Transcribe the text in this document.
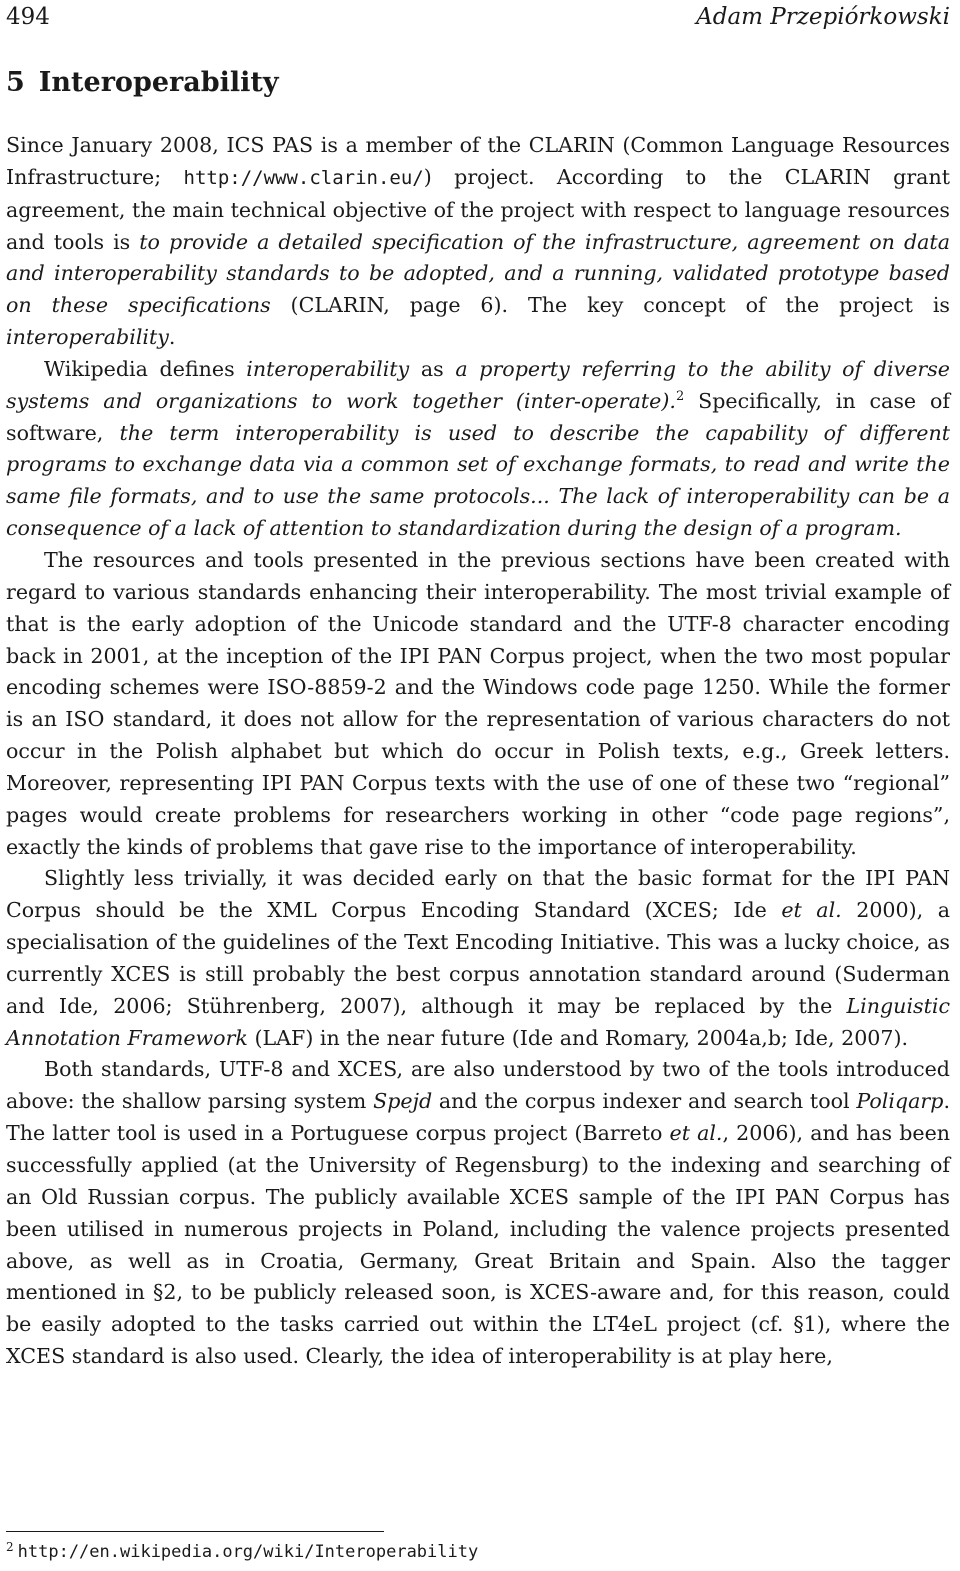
494	Adam Przepiórkowski
5 Interoperability

Since January 2008, ICS PAS is a member of the CLARIN (Common Language Resources Infrastructure; http://www.clarin.eu/) project. According to the CLARIN grant agreement, the main technical objective of the project with respect to language resources and tools is to provide a detailed specification of the infrastructure, agreement on data and interoperability standards to be adopted, and a running, validated prototype based on these specifications (CLARIN, page 6). The key concept of the project is interoperability.

Wikipedia defines interoperability as a property referring to the ability of diverse systems and organizations to work together (inter-operate).$^2$ Specifically, in case of software, the term interoperability is used to describe the capability of different programs to exchange data via a common set of exchange formats, to read and write the same file formats, and to use the same protocols... The lack of interoperability can be a consequence of a lack of attention to standardization during the design of a program.

The resources and tools presented in the previous sections have been created with regard to various standards enhancing their interoperability. The most trivial example of that is the early adoption of the Unicode standard and the UTF-8 character encoding back in 2001, at the inception of the IPI PAN Corpus project, when the two most popular encoding schemes were ISO-8859-2 and the Windows code page 1250. While the former is an ISO standard, it does not allow for the representation of various characters do not occur in the Polish alphabet but which do occur in Polish texts, e.g., Greek letters. Moreover, representing IPI PAN Corpus texts with the use of one of these two “regional” pages would create problems for researchers working in other “code page regions”, exactly the kinds of problems that gave rise to the importance of interoperability.

Slightly less trivially, it was decided early on that the basic format for the IPI PAN Corpus should be the XML Corpus Encoding Standard (XCES; Ide et al. 2000), a specialisation of the guidelines of the Text Encoding Initiative. This was a lucky choice, as currently XCES is still probably the best corpus annotation standard around (Suderman and Ide, 2006; Stührenberg, 2007), although it may be replaced by the Linguistic Annotation Framework (LAF) in the near future (Ide and Romary, 2004a,b; Ide, 2007).

Both standards, UTF-8 and XCES, are also understood by two of the tools introduced above: the shallow parsing system Spejd and the corpus indexer and search tool Poliqarp. The latter tool is used in a Portuguese corpus project (Barreto et al., 2006), and has been successfully applied (at the University of Regensburg) to the indexing and searching of an Old Russian corpus. The publicly available XCES sample of the IPI PAN Corpus has been utilised in numerous projects in Poland, including the valence projects presented above, as well as in Croatia, Germany, Great Britain and Spain. Also the tagger mentioned in §2, to be publicly released soon, is XCES-aware and, for this reason, could be easily adopted to the tasks carried out within the LT4eL project (cf. §1), where the XCES standard is also used. Clearly, the idea of interoperability is at play here,

$^2$ http://en.wikipedia.org/wiki/Interoperability
